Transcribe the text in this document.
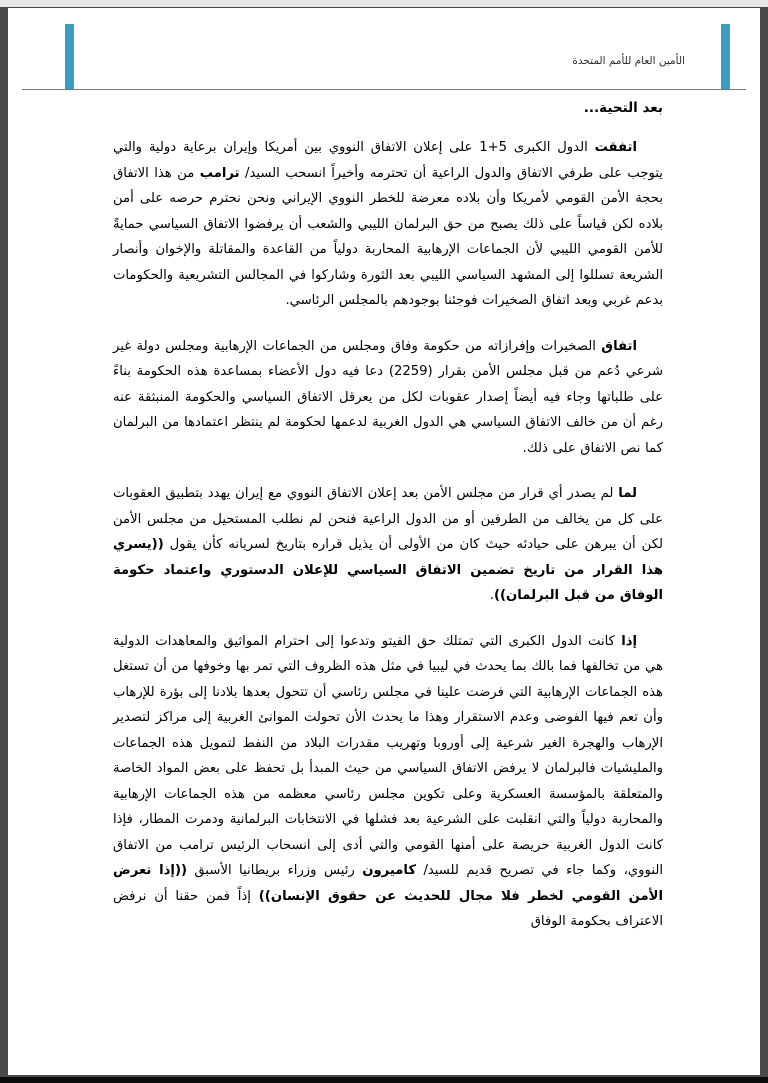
الأمين العام للأمم المتحدة

بعد التحية...

اتفقت الدول الكبرى 5+1 على إعلان الاتفاق النووي بين أمريكا وإيران برعاية دولية والتي يتوجب على طرفي الاتفاق والدول الراعية أن تحترمه وأخيراً انسحب السيد/ ترامب من هذا الاتفاق بحجة الأمن القومي لأمريكا وأن بلاده معرضة للخطر النووي الإيراني ونحن نحترم حرصه على أمن بلاده لكن قياساً على ذلك يصبح من حق البرلمان الليبي والشعب أن يرفضوا الاتفاق السياسي حمايةً للأمن القومي الليبي لأن الجماعات الإرهابية المحاربة دولياً من القاعدة والمقاتلة والإخوان وأنصار الشريعة تسللوا إلى المشهد السياسي الليبي بعد الثورة وشاركوا في المجالس التشريعية والحكومات بدعم غربي وبعد اتفاق الصخيرات فوجئنا بوجودهم بالمجلس الرئاسي.

اتفاق الصخيرات وإفرازاته من حكومة وفاق ومجلس من الجماعات الإرهابية ومجلس دولة غير شرعي دُعم من قبل مجلس الأمن بقرار (2259) دعا فيه دول الأعضاء بمساعدة هذه الحكومة بناءً على طلباتها وجاء فيه أيضاً إصدار عقوبات لكل من يعرقل الاتفاق السياسي والحكومة المنبثقة عنه رغم أن من خالف الاتفاق السياسي هي الدول الغربية لدعمها لحكومة لم ينتظر اعتمادها من البرلمان كما نص الاتفاق على ذلك.

لما لم يصدر أي قرار من مجلس الأمن بعد إعلان الاتفاق النووي مع إيران يهدد بتطبيق العقوبات على كل من يخالف من الطرفين أو من الدول الراعية فنحن لم نطلب المستحيل من مجلس الأمن لكن أن يبرهن على حيادئه حيث كان من الأولى أن يذيل قراره بتاريخ لسريانه كأن يقول ((يسري هذا القرار من تاريخ تضمين الاتفاق السياسي للإعلان الدستوري واعتماد حكومة الوفاق من قبل البرلمان)).

إذا كانت الدول الكبرى التي تمتلك حق الفيتو وتدعوا إلى احترام المواثيق والمعاهدات الدولية هي من تخالفها فما بالك بما يحدث في ليبيا في مثل هذه الظروف التي تمر بها وخوفها من أن تستغل هذه الجماعات الإرهابية التي فرضت علينا في مجلس رئاسي أن تتحول بعدها بلادنا إلى بؤرة للإرهاب وأن تعم فيها الفوضى وعدم الاستقرار وهذا ما يحدث الأن تحولت الموانئ الغربية إلى مراكز لتصدير الإرهاب والهجرة الغير شرعية إلى أوروبا وتهريب مقدرات البلاد من النفط لتمويل هذه الجماعات والمليشيات فالبرلمان لا يرفض الاتفاق السياسي من حيث المبدأ بل تحفظ على بعض المواد الخاصة والمتعلقة بالمؤسسة العسكرية وعلى تكوين مجلس رئاسي معظمه من هذه الجماعات الإرهابية والمحاربة دولياً والتي انقلبت على الشرعية بعد فشلها في الانتخابات البرلمانية ودمرت المطار، فإذا كانت الدول الغربية حريصة على أمنها القومي والتي أدى إلى انسحاب الرئيس ترامب من الاتفاق النووي، وكما جاء في تصريح قديم للسيد/ كاميرون رئيس وزراء بريطانيا الأسبق ((إذا تعرض الأمن القومي لخطر فلا مجال للحديث عن حقوق الإنسان)) إذاً فمن حقنا أن نرفض الاعتراف بحكومة الوفاق
